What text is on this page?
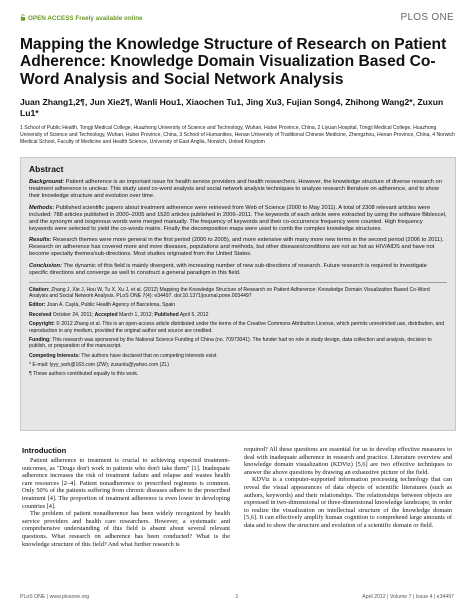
OPEN ACCESS Freely available online	PLOS ONE
Mapping the Knowledge Structure of Research on Patient Adherence: Knowledge Domain Visualization Based Co-Word Analysis and Social Network Analysis
Juan Zhang1,2¶, Jun Xie2¶, Wanli Hou1, Xiaochen Tu1, Jing Xu3, Fujian Song4, Zhihong Wang2*, Zuxun Lu1*
1 School of Public Health, Tongji Medical College, Huazhong University of Science and Technology, Wuhan, Hubei Province, China, 2 Liyuan Hospital, Tongji Medical College, Huazhong University of Science and Technology, Wuhan, Hubei Province, China, 3 School of Humanities, Henan University of Traditional Chinese Medicine, Zhengzhou, Henan Province, China, 4 Norwich Medical School, Faculty of Medicine and Health Science, University of East Anglia, Norwich, United Kingdom
Abstract

Background: Patient adherence is an important issue for health service providers and health researchers. However, the knowledge structure of diverse research on treatment adherence is unclear. This study used co-word analysis and social network analysis techniques to analyze research literature on adherence, and to show their knowledge structure and evolution over time.

Methods: Published scientific papers about treatment adherence were retrieved from Web of Science (2000 to May 2011). A total of 2308 relevant articles were included: 788 articles published in 2000–2005 and 1520 articles published in 2006–2011. The keywords of each article were extracted by using the software Biblexcel, and the synonym and isogenous words were merged manually. The frequency of keywords and their co-occurrence frequency were counted. High frequency keywords were selected to yield the co-words matrix. Finally the decomposition maps were used to comb the complex knowledge structures.

Results: Research themes were more general in the first period (2000 to 2005), and more extensive with many more new terms in the second period (2006 to 2011). Research on adherence has covered more and more diseases, populations and methods, but other diseases/conditions are not as hot as HIV/AIDS and have not become specialty themes/sub-directions. Most studies originated from the United States.

Conclusion: The dynamic of this field is mainly divergent, with increasing number of new sub-directions of research. Future research is required to investigate specific directions and converge as well to construct a general paradigm in this field.

Citation: Zhang J, Xie J, Hou W, Tu X, Xu J, et al. (2012) Mapping the Knowledge Structure of Research on Patient Adherence: Knowledge Domain Visualization Based Co-Word Analysis and Social Network Analysis. PLoS ONE 7(4): e34497. doi:10.1371/journal.pone.0034497

Editor: Joan A. Caylà, Public Health Agency of Barcelona, Spain

Received October 24, 2011; Accepted March 1, 2012; Published April 5, 2012

Copyright: © 2012 Zhang et al. This is an open-access article distributed under the terms of the Creative Commons Attribution License, which permits unrestricted use, distribution, and reproduction in any medium, provided the original author and source are credited.

Funding: This research was sponsored by the National Science Funding of China (no. 70973041). The funder had no role in study design, data collection and analysis, decision to publish, or preparation of the manuscript.

Competing Interests: The authors have declared that no competing interests exist.

* E-mail: lyyy_wzh@163.com (ZW); zuxunlu@yahoo.com (ZL)

¶ These authors contributed equally to this work.

Introduction

Patient adherence to treatment is crucial to achieving expected treatment-outcomes, as "Drugs don't work in patients who don't take them" [1]. Inadequate adherence increases the risk of treatment failure and relapse and wastes health care resources [2–4]. Patient nonadherence to prescribed regimens is common. Only 50% of the patients suffering from chronic diseases adhere to the prescribed treatment [4]. The proportion of treatment adherence is even lower in developing countries [4].

The problem of patient nonadherence has been widely recognized by health service providers and health care researchers. However, a systematic and comprehensive understanding of this field is absent about several relevant questions. What research on adherence has been conducted? What is the knowledge structure of this field? And what further research is

required? All these questions are essential for us to develop effective measures to deal with inadequate adherence in research and practice. Literature overview and knowledge domain visualization (KDViz) [5,6] are two effective techniques to answer the above questions by drawing an exhaustive picture of the field.

KDViz is a computer-supported information processing technology that can reveal the visual appearances of data objects of scientific literatures (such as authors, keywords) and their relationships. The relationships between objects are expressed in two-dimensional or three-dimensional knowledge landscape, in order to realize the visualization on intellectual structure of the knowledge domain [5,6]. It can effectively amplify human cognition to comprehend large amounts of data and to show the structure and evolution of a scientific domain or field.

PLoS ONE | www.plosone.org	1	April 2012 | Volume 7 | Issue 4 | e34497
